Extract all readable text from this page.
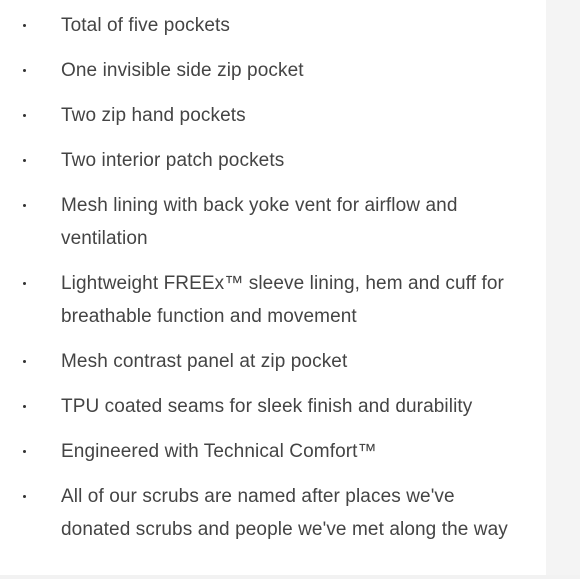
Total of five pockets
One invisible side zip pocket
Two zip hand pockets
Two interior patch pockets
Mesh lining with back yoke vent for airflow and ventilation
Lightweight FREEx™ sleeve lining, hem and cuff for breathable function and movement
Mesh contrast panel at zip pocket
TPU coated seams for sleek finish and durability
Engineered with Technical Comfort™
All of our scrubs are named after places we've donated scrubs and people we've met along the way
